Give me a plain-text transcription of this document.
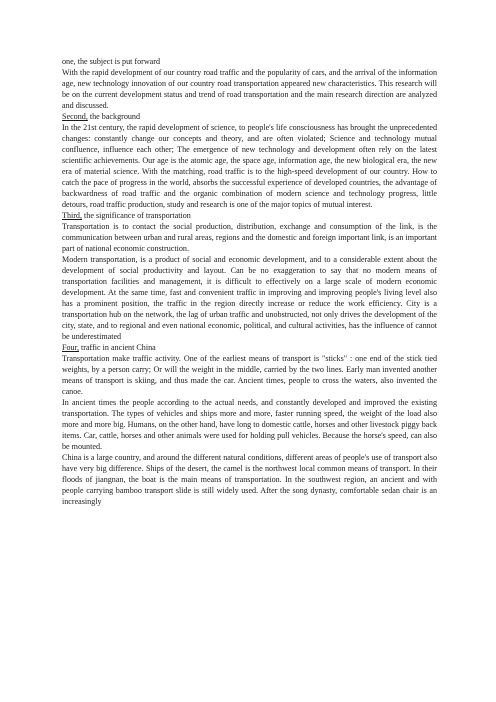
one, the subject is put forward

With the rapid development of our country road traffic and the popularity of cars, and the arrival of the information age, new technology innovation of our country road transportation appeared new characteristics. This research will be on the current development status and trend of road transportation and the main research direction are analyzed and discussed.

Second, the background

In the 21st century, the rapid development of science, to people's life consciousness has brought the unprecedented changes: constantly change our concepts and theory, and are often violated; Science and technology mutual confluence, influence each other; The emergence of new technology and development often rely on the latest scientific achievements. Our age is the atomic age, the space age, information age, the new biological era, the new era of material science. With the matching, road traffic is to the high-speed development of our country. How to catch the pace of progress in the world, absorbs the successful experience of developed countries, the advantage of backwardness of road traffic and the organic combination of modern science and technology progress, little detours, road traffic production, study and research is one of the major topics of mutual interest.

Third, the significance of transportation

Transportation is to contact the social production, distribution, exchange and consumption of the link, is the communication between urban and rural areas, regions and the domestic and foreign important link, is an important part of national economic construction.

Modern transportation, is a product of social and economic development, and to a considerable extent about the development of social productivity and layout. Can be no exaggeration to say that no modern means of transportation facilities and management, it is difficult to effectively on a large scale of modern economic development. At the same time, fast and convenient traffic in improving and improving people's living level also has a prominent position, the traffic in the region directly increase or reduce the work efficiency. City is a transportation hub on the network, the lag of urban traffic and unobstructed, not only drives the development of the city, state, and to regional and even national economic, political, and cultural activities, has the influence of cannot be underestimated

Four, traffic in ancient China

Transportation make traffic activity. One of the earliest means of transport is "sticks" : one end of the stick tied weights, by a person carry; Or will the weight in the middle, carried by the two lines. Early man invented another means of transport is skiing, and thus made the car. Ancient times, people to cross the waters, also invented the canoe.

In ancient times the people according to the actual needs, and constantly developed and improved the existing transportation. The types of vehicles and ships more and more, faster running speed, the weight of the load also more and more big. Humans, on the other hand, have long to domestic cattle, horses and other livestock piggy back items. Car, cattle, horses and other animals were used for holding pull vehicles. Because the horse's speed, can also be mounted.

China is a large country, and around the different natural conditions, different areas of people's use of transport also have very big difference. Ships of the desert, the camel is the northwest local common means of transport. In their floods of jiangnan, the boat is the main means of transportation. In the southwest region, an ancient and with people carrying bamboo transport slide is still widely used. After the song dynasty, comfortable sedan chair is an increasingly
